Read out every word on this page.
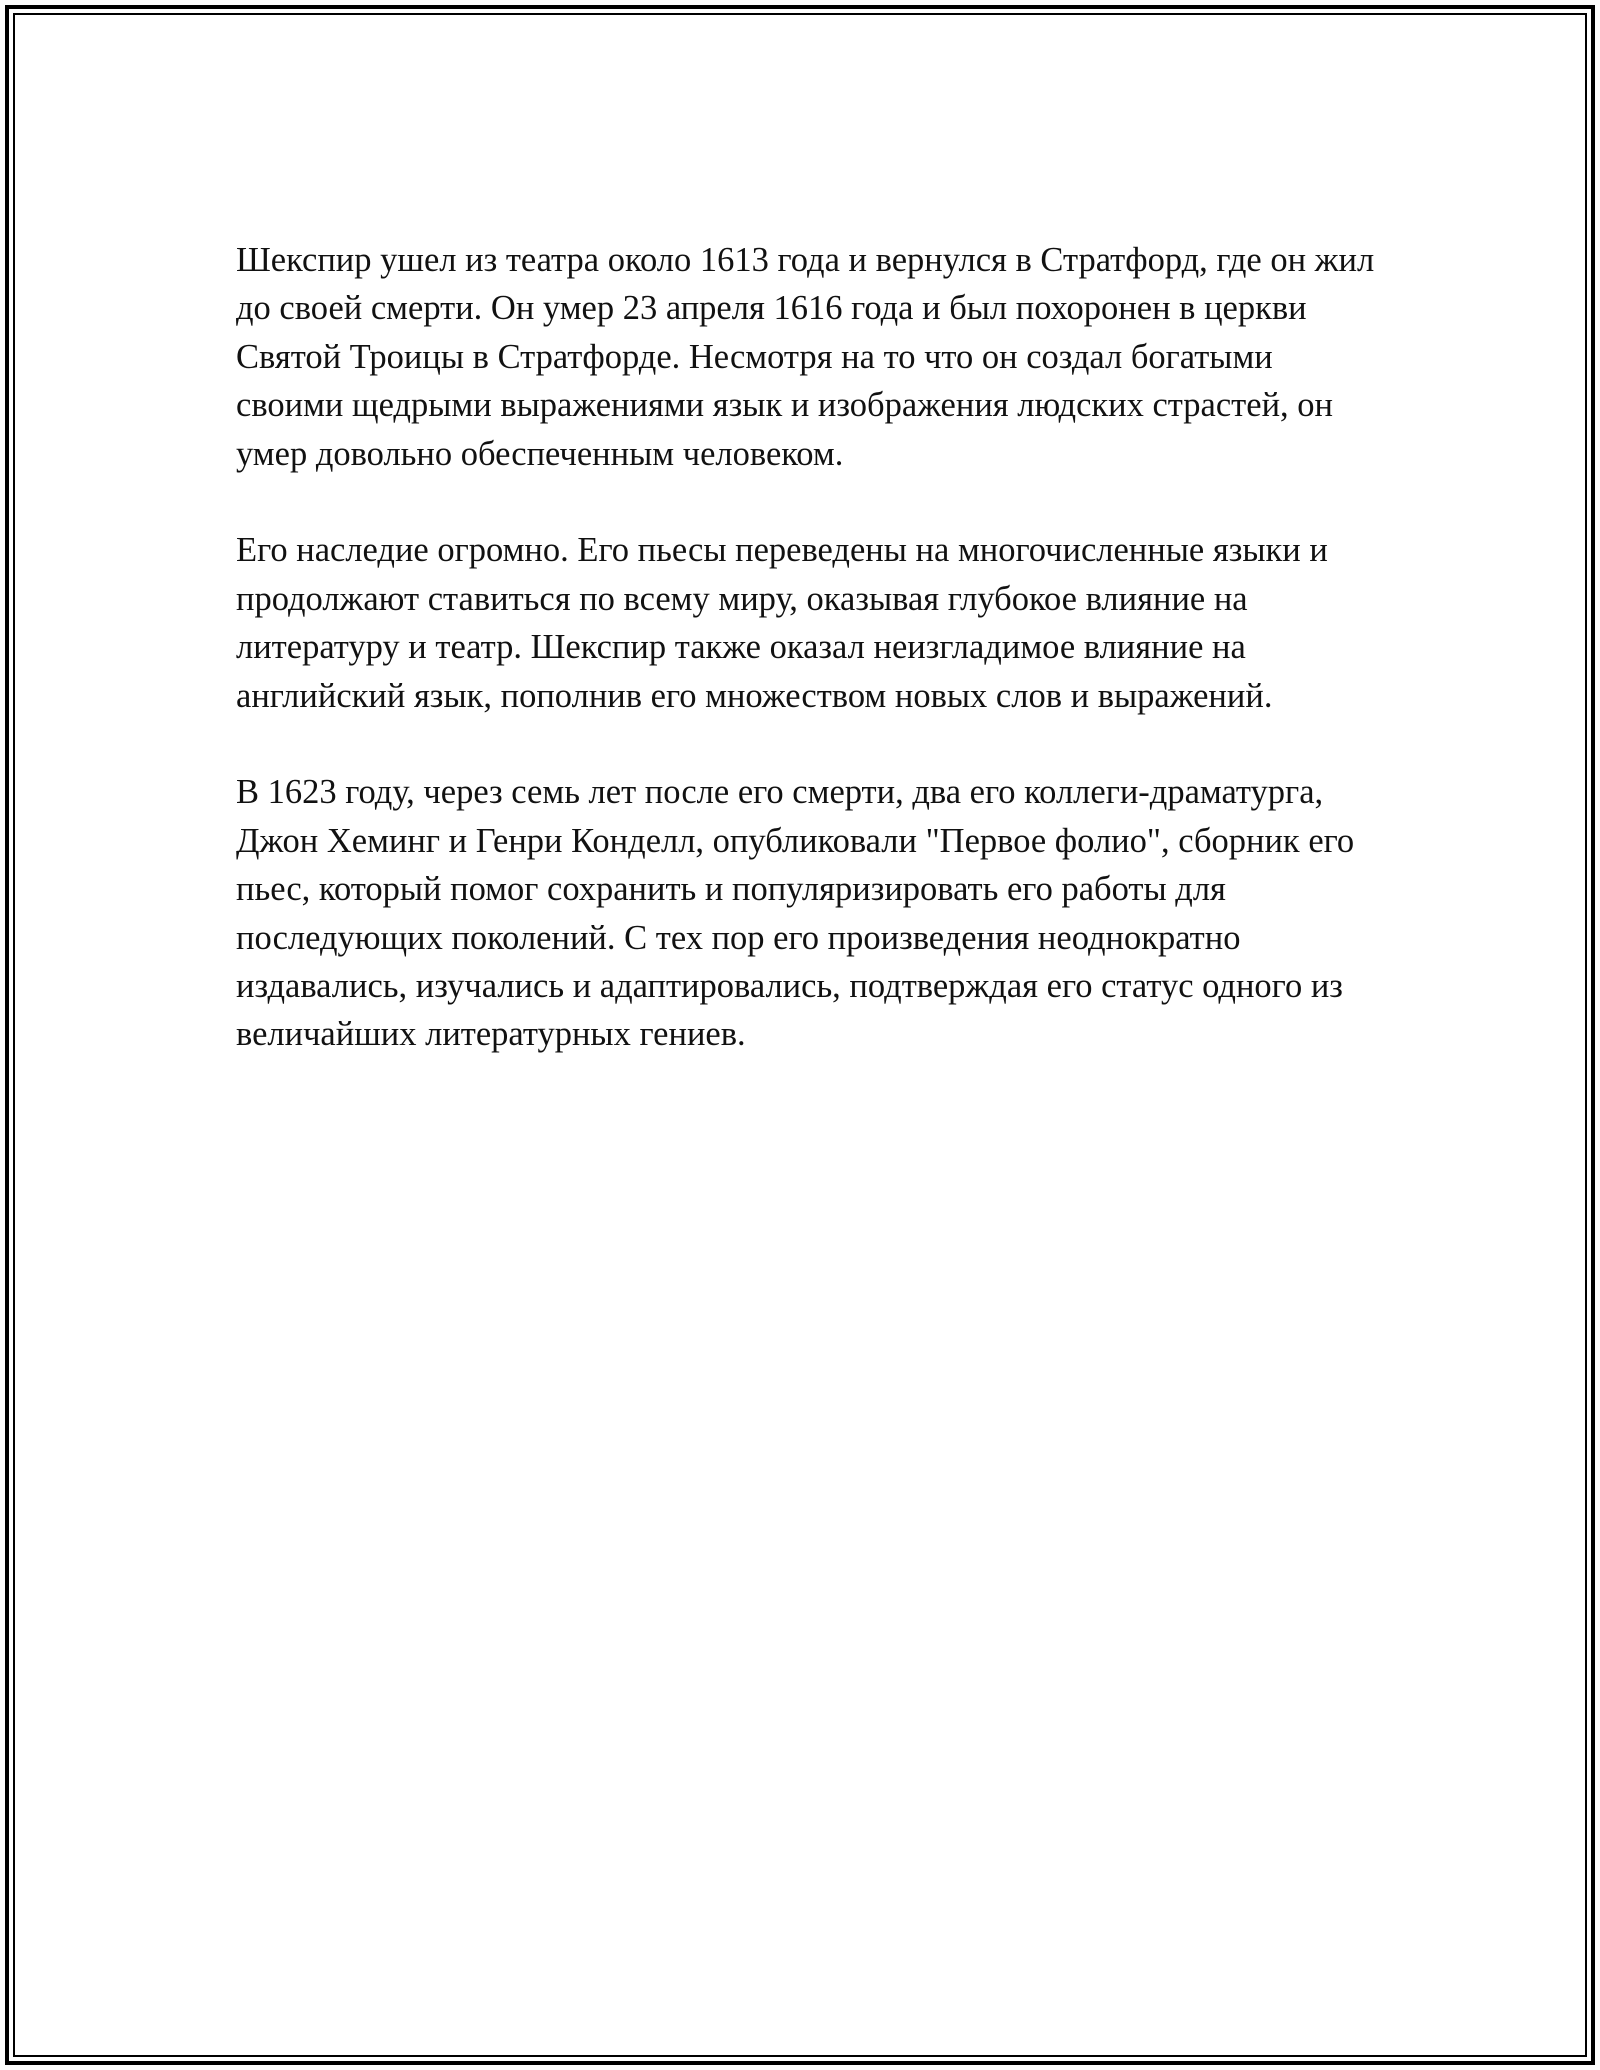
Шекспир ушел из театра около 1613 года и вернулся в Стратфорд, где он жил до своей смерти. Он умер 23 апреля 1616 года и был похоронен в церкви Святой Троицы в Стратфорде. Несмотря на то что он создал богатыми своими щедрыми выражениями язык и изображения людских страстей, он умер довольно обеспеченным человеком.

Его наследие огромно. Его пьесы переведены на многочисленные языки и продолжают ставиться по всему миру, оказывая глубокое влияние на литературу и театр. Шекспир также оказал неизгладимое влияние на английский язык, пополнив его множеством новых слов и выражений.

В 1623 году, через семь лет после его смерти, два его коллеги-драматурга, Джон Хеминг и Генри Конделл, опубликовали "Первое фолио", сборник его пьес, который помог сохранить и популяризировать его работы для последующих поколений. С тех пор его произведения неоднократно издавались, изучались и адаптировались, подтверждая его статус одного из величайших литературных гениев.
